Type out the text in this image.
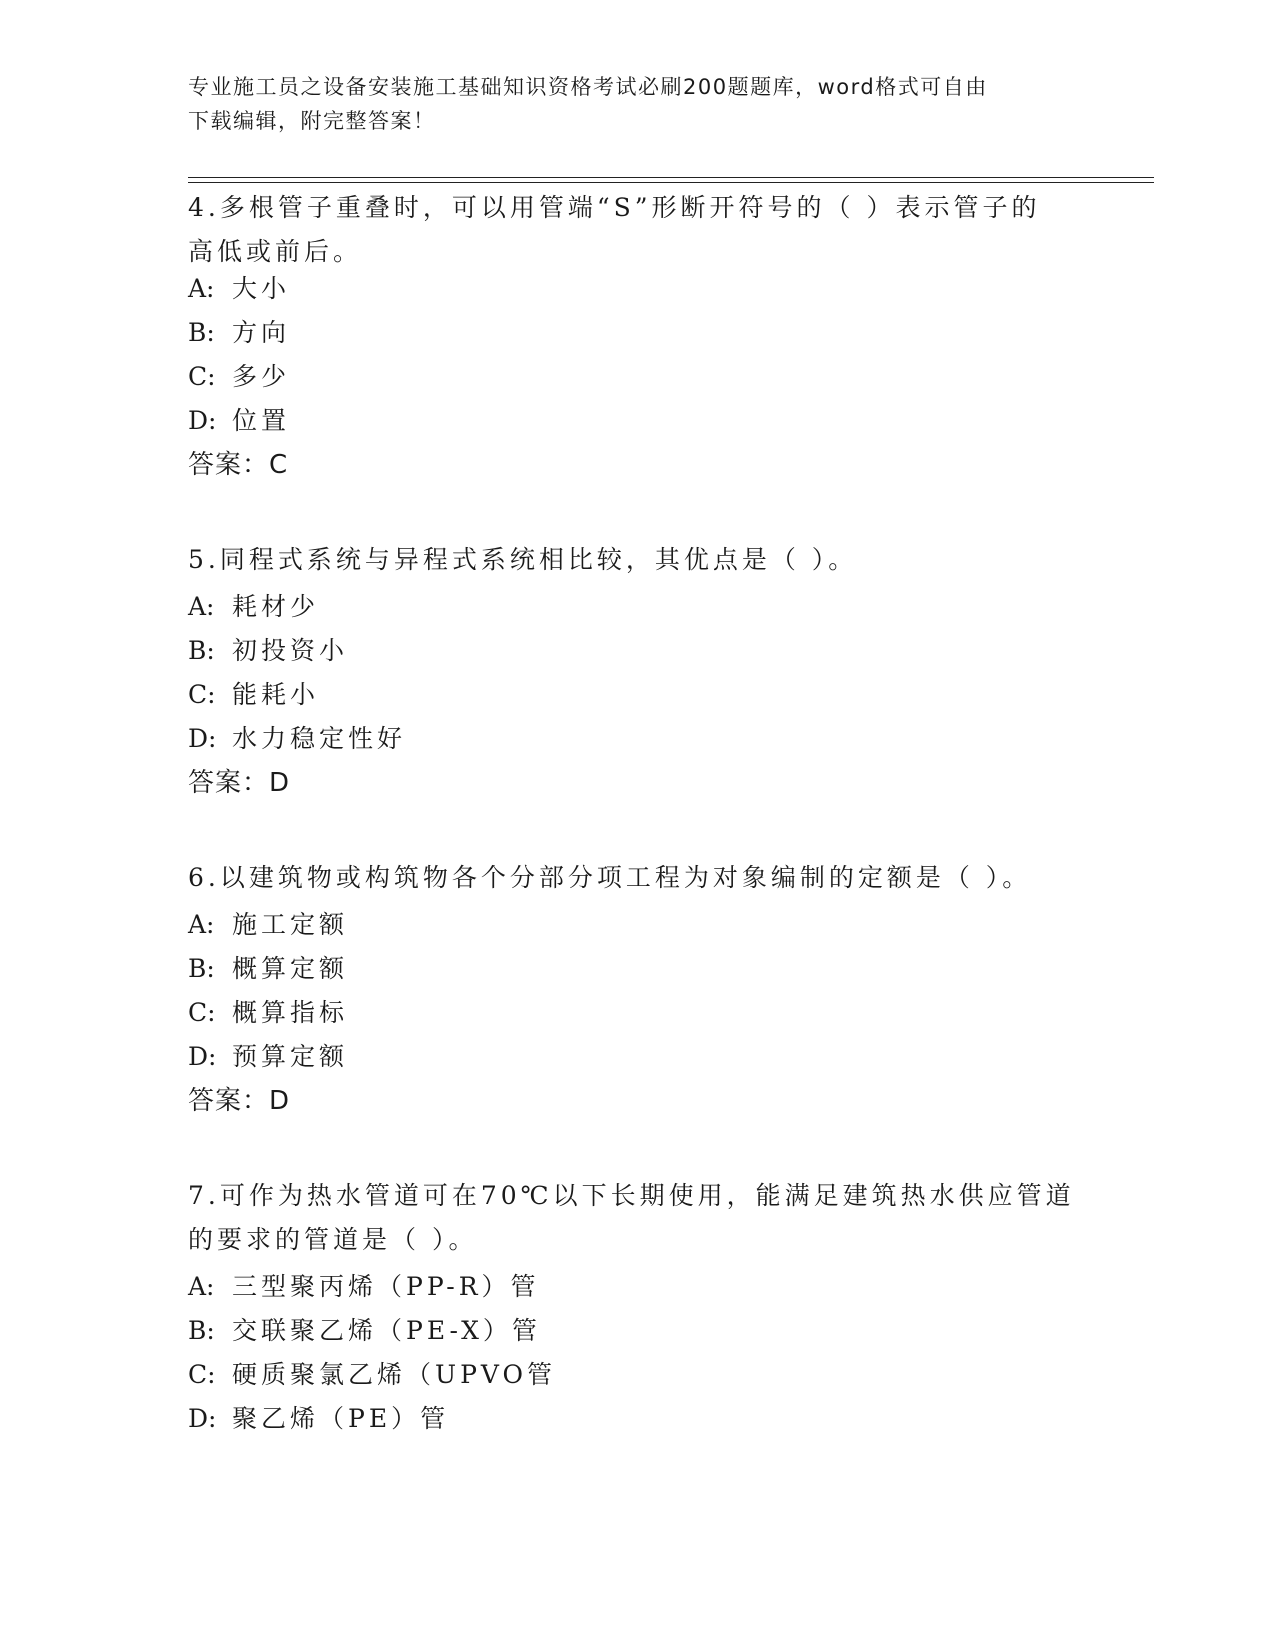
专业施工员之设备安装施工基础知识资格考试必刷200题题库，word格式可自由
下载编辑，附完整答案！
4.多根管子重叠时，可以用管端“S”形断开符号的（ ）表示管子的
高低或前后。
A: 大小
B: 方向
C: 多少
D: 位置
答案：C
5.同程式系统与异程式系统相比较，其优点是（ ）。
A: 耗材少
B: 初投资小
C: 能耗小
D: 水力稳定性好
答案：D
6.以建筑物或构筑物各个分部分项工程为对象编制的定额是（ ）。
A: 施工定额
B: 概算定额
C: 概算指标
D: 预算定额
答案：D
7.可作为热水管道可在70℃以下长期使用，能满足建筑热水供应管道
的要求的管道是（ ）。
A: 三型聚丙烯（PP-R）管
B: 交联聚乙烯（PE-X）管
C: 硬质聚氯乙烯（UPVO管
D: 聚乙烯（PE）管
